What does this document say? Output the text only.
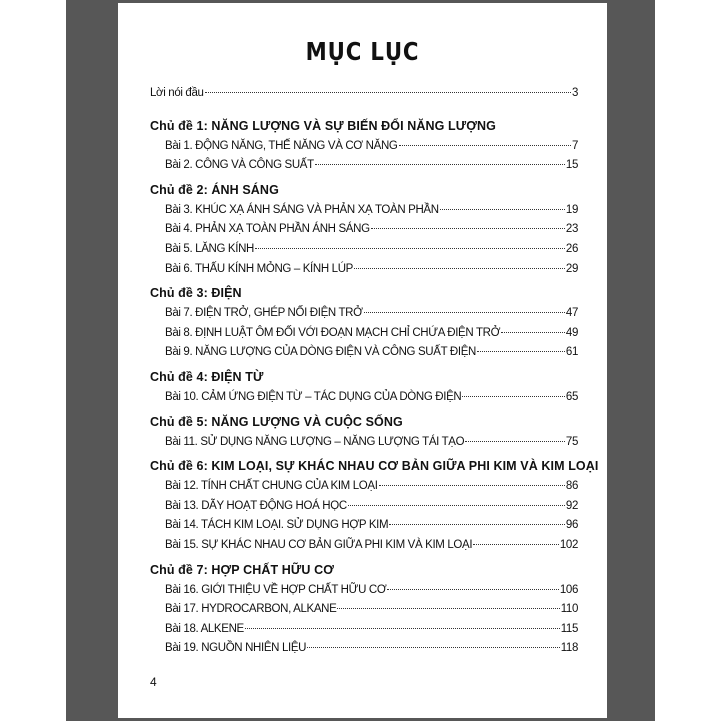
MỤC LỤC
Lời nói đầu	3
Chủ đề 1: NĂNG LƯỢNG VÀ SỰ BIẾN ĐỔI NĂNG LƯỢNG
Bài 1. ĐỘNG NĂNG, THẾ NĂNG VÀ CƠ NĂNG	7
Bài 2. CÔNG VÀ CÔNG SUẤT	15
Chủ đề 2: ÁNH SÁNG
Bài 3. KHÚC XẠ ÁNH SÁNG VÀ PHẢN XẠ TOÀN PHẦN	19
Bài 4. PHẢN XẠ TOÀN PHẦN ÁNH SÁNG	23
Bài 5. LĂNG KÍNH	26
Bài 6. THẤU KÍNH MỎNG – KÍNH LÚP	29
Chủ đề 3: ĐIỆN
Bài 7. ĐIỆN TRỞ, GHÉP NỐI ĐIỆN TRỞ	47
Bài 8. ĐỊNH LUẬT ÔM ĐỐI VỚI ĐOẠN MẠCH CHỈ CHỨA ĐIỆN TRỞ	49
Bài 9. NĂNG LƯỢNG CỦA DÒNG ĐIỆN VÀ CÔNG SUẤT ĐIỆN	61
Chủ đề 4: ĐIỆN TỪ
Bài 10. CẢM ỨNG ĐIỆN TỪ – TÁC DỤNG CỦA DÒNG ĐIỆN	65
Chủ đề 5: NĂNG LƯỢNG VÀ CUỘC SỐNG
Bài 11. SỬ DỤNG NĂNG LƯỢNG – NĂNG LƯỢNG TÁI TẠO	75
Chủ đề 6: KIM LOẠI, SỰ KHÁC NHAU CƠ BẢN GIỮA PHI KIM VÀ KIM LOẠI
Bài 12. TÍNH CHẤT CHUNG CỦA KIM LOẠI	86
Bài 13. DÃY HOẠT ĐỘNG HOÁ HỌC	92
Bài 14. TÁCH KIM LOẠI. SỬ DỤNG HỢP KIM	96
Bài 15. SỰ KHÁC NHAU CƠ BẢN GIỮA PHI KIM VÀ KIM LOẠI	102
Chủ đề 7: HỢP CHẤT HỮU CƠ
Bài 16. GIỚI THIỆU VỀ HỢP CHẤT HỮU CƠ	106
Bài 17. HYDROCARBON, ALKANE	110
Bài 18. ALKENE	115
Bài 19. NGUỒN NHIÊN LIỆU	118
4
